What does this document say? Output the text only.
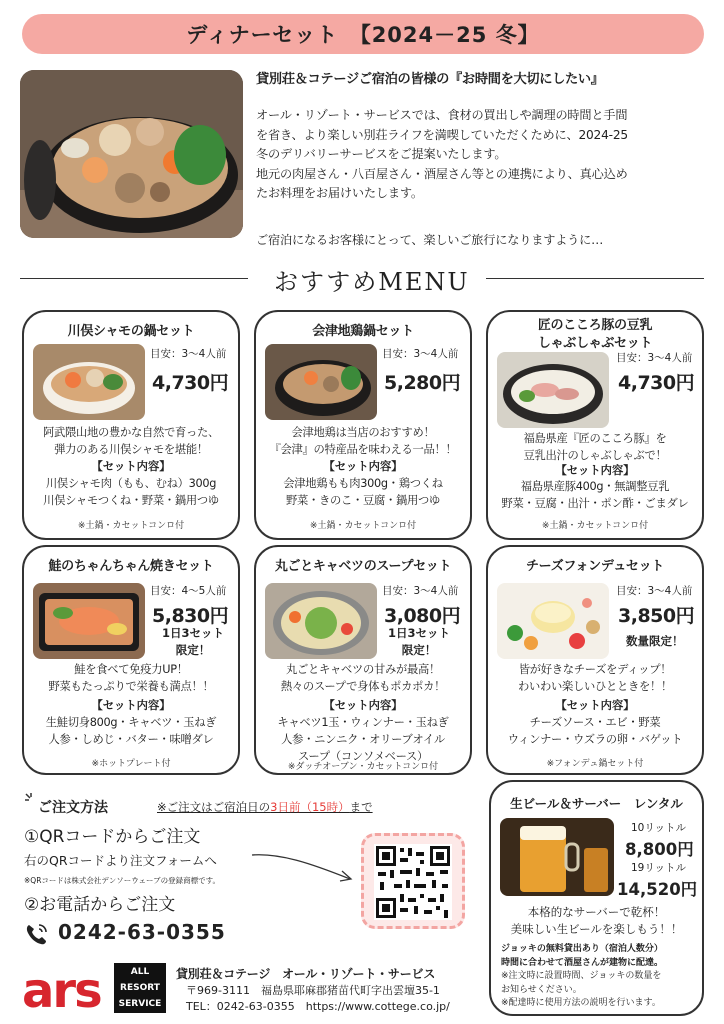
ディナーセット　【2024－25 冬】
貸別荘＆コテージご宿泊の皆様の『お時間を大切にしたい』
オール・リゾート・サービスでは、食材の買出しや調理の時間と手間
を省き、より楽しい別荘ライフを満喫していただくために、2024-25
冬のデリバリーサービスをご提案いたします。
地元の肉屋さん・八百屋さん・酒屋さん等との連携により、真心込め
たお料理をお届けいたします。
ご宿泊になるお客様にとって、楽しいご旅行になりますように…
おすすめMENU
川俣シャモの鍋セット
目安：3～4人前
4,730円
阿武隈山地の豊かな自然で育った、
弾力のある川俣シャモを堪能！
【セット内容】
川俣シャモ肉（もも、むね）300g
川俣シャモつくね・野菜・鍋用つゆ
※土鍋・カセットコンロ付
会津地鶏鍋セット
目安：3～4人前
5,280円
会津地鶏は当店のおすすめ！
『会津』の特産品を味わえる一品！！
【セット内容】
会津地鶏もも肉300g・鶏つくね
野菜・きのこ・豆腐・鍋用つゆ
※土鍋・カセットコンロ付
匠のこころ豚の豆乳
しゃぶしゃぶセット
目安：3～4人前
4,730円
福島県産『匠のこころ豚』を
豆乳出汁のしゃぶしゃぶで！
【セット内容】
福島県産豚400g・無調整豆乳
野菜・豆腐・出汁・ポン酢・ごまダレ
※土鍋・カセットコンロ付
鮭のちゃんちゃん焼きセット
目安：4～5人前
5,830円
1日3セット
限定！
鮭を食べて免疫力UP！
野菜もたっぷりで栄養も満点！！
【セット内容】
生鮭切身800g・キャベツ・玉ねぎ
人参・しめじ・バター・味噌ダレ
※ホットプレート付
丸ごとキャベツのスープセット
目安：3～4人前
3,080円
1日3セット
限定！
丸ごとキャベツの甘みが最高！
熱々のスープで身体もポカポカ！
【セット内容】
キャベツ1玉・ウィンナー・玉ねぎ
人参・ニンニク・オリーブオイル
スープ（コンソメベース）
※ダッチオーブン・カセットコンロ付
チーズフォンデュセット
目安：3～4人前
3,850円
数量限定！
皆が好きなチーズをディップ！
わいわい楽しいひとときを！！
【セット内容】
チーズソース・エビ・野菜
ウィンナー・ウズラの卵・バゲット
※フォンデュ鍋セット付
ご注文方法	※ご注文はご宿泊日の3日前（15時）まで
①QRコードからご注文
右のQRコードより注文フォームへ
※QRコードは株式会社デンソーウェーブの登録商標です。
②お電話からご注文
0242-63-0355
生ビール＆サーバー　レンタル
10リットル
8,800円
19リットル
14,520円
本格的なサーバーで乾杯！
美味しい生ビールを楽しもう！！
ジョッキの無料貸出あり（宿泊人数分）
時間に合わせて酒屋さんが建物に配達。
※注文時に設置時間、ジョッキの数量を
お知らせください。
※配達時に使用方法の説明を行います。
ars	ALL
RESORT
SERVICE
貸別荘＆コテージ　オール・リゾート・サービス
〒969-3111　福島県耶麻郡猪苗代町字出雲壇35-1
TEL：0242-63-0355　https://www.cottege.co.jp/
